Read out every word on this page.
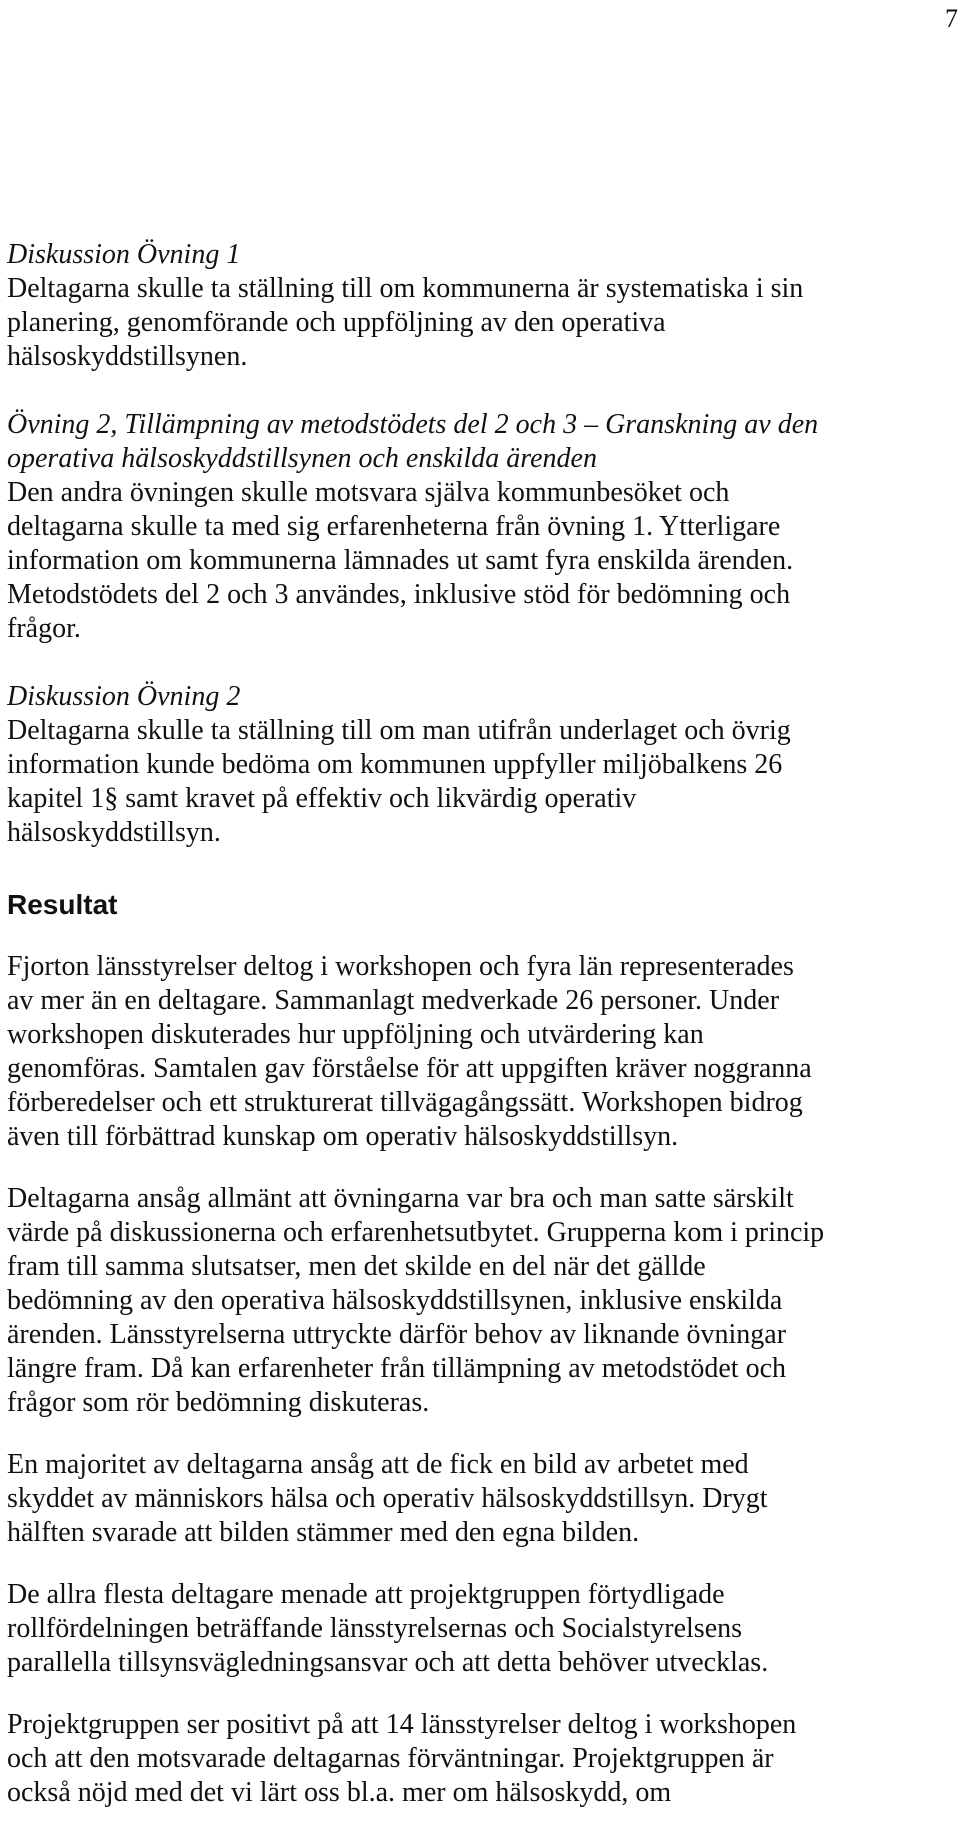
7
Diskussion Övning 1
Deltagarna skulle ta ställning till om kommunerna är systematiska i sin
planering, genomförande och uppföljning av den operativa
hälsoskyddstillsynen.
Övning 2, Tillämpning av metodstödets del 2 och 3 – Granskning av den
operativa hälsoskyddstillsynen och enskilda ärenden
Den andra övningen skulle motsvara själva kommunbesöket och
deltagarna skulle ta med sig erfarenheterna från övning 1. Ytterligare
information om kommunerna lämnades ut samt fyra enskilda ärenden.
Metodstödets del 2 och 3 användes, inklusive stöd för bedömning och
frågor.
Diskussion Övning 2
Deltagarna skulle ta ställning till om man utifrån underlaget och övrig
information kunde bedöma om kommunen uppfyller miljöbalkens 26
kapitel 1§ samt kravet på effektiv och likvärdig operativ
hälsoskyddstillsyn.
Resultat
Fjorton länsstyrelser deltog i workshopen och fyra län representerades
av mer än en deltagare. Sammanlagt medverkade 26 personer. Under
workshopen diskuterades hur uppföljning och utvärdering kan
genomföras. Samtalen gav förståelse för att uppgiften kräver noggranna
förberedelser och ett strukturerat tillvägagångssätt. Workshopen bidrog
även till förbättrad kunskap om operativ hälsoskyddstillsyn.
Deltagarna ansåg allmänt att övningarna var bra och man satte särskilt
värde på diskussionerna och erfarenhetsutbytet. Grupperna kom i princip
fram till samma slutsatser, men det skilde en del när det gällde
bedömning av den operativa hälsoskyddstillsynen, inklusive enskilda
ärenden. Länsstyrelserna uttryckte därför behov av liknande övningar
längre fram. Då kan erfarenheter från tillämpning av metodstödet och
frågor som rör bedömning diskuteras.
En majoritet av deltagarna ansåg att de fick en bild av arbetet med
skyddet av människors hälsa och operativ hälsoskyddstillsyn. Drygt
hälften svarade att bilden stämmer med den egna bilden.
De allra flesta deltagare menade att projektgruppen förtydligade
rollfördelningen beträffande länsstyrelsernas och Socialstyrelsens
parallella tillsynsvägledningsansvar och att detta behöver utvecklas.
Projektgruppen ser positivt på att 14 länsstyrelser deltog i workshopen
och att den motsvarade deltagarnas förväntningar. Projektgruppen är
också nöjd med det vi lärt oss bl.a. mer om hälsoskydd, om
